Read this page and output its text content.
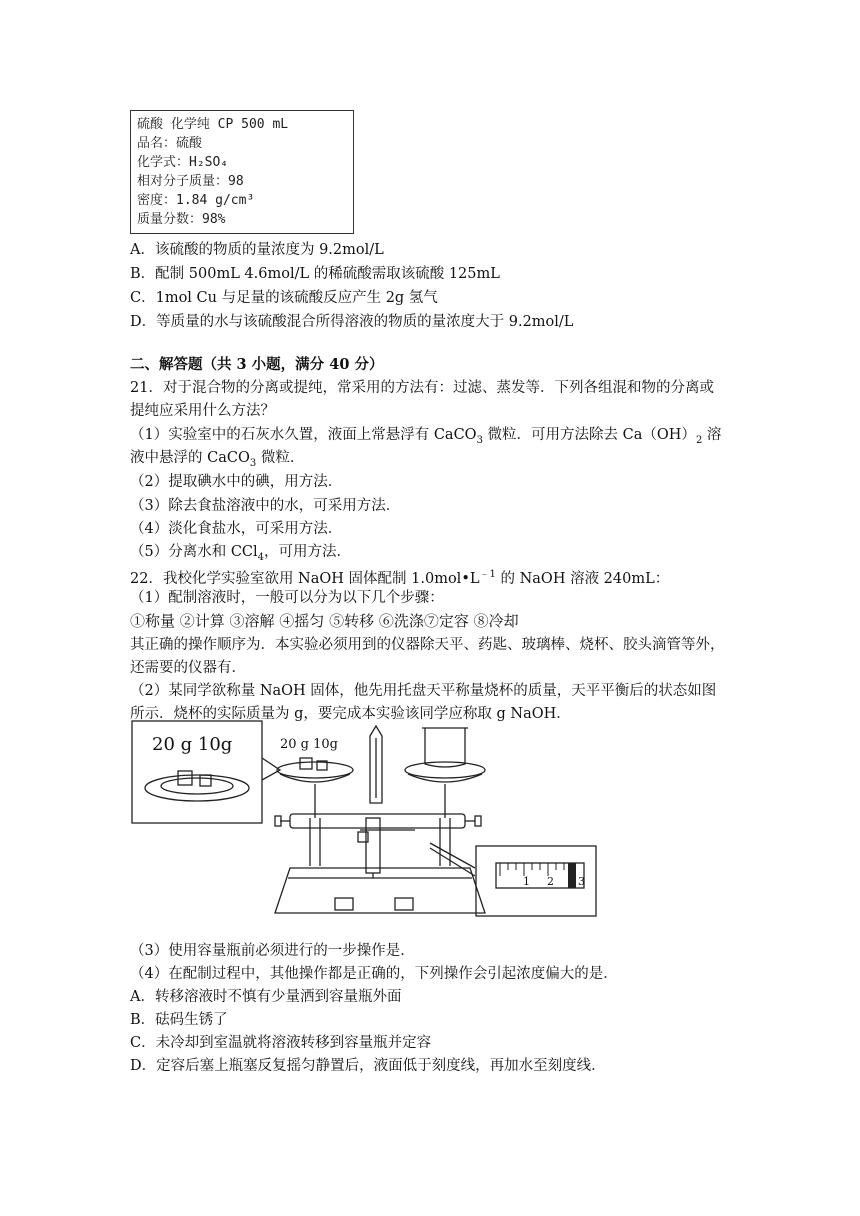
硫酸 化学纯 CP 500 mL
品名：硫酸
化学式：H₂SO₄
相对分子质量：98
密度：1.84 g/cm³
质量分数：98%
A．该硫酸的物质的量浓度为 9.2mol/L
B．配制 500mL 4.6mol/L 的稀硫酸需取该硫酸 125mL
C．1mol Cu 与足量的该硫酸反应产生 2g 氢气
D．等质量的水与该硫酸混合所得溶液的物质的量浓度大于 9.2mol/L
二、解答题（共 3 小题，满分 40 分）
21．对于混合物的分离或提纯，常采用的方法有：过滤、蒸发等．下列各组混和物的分离或
提纯应采用什么方法？
（1）实验室中的石灰水久置，液面上常悬浮有 CaCO$_3$ 微粒．可用方法除去 $Ca(OH)_2$ 溶
液中悬浮的 CaCO$_3$ 微粒．
（2）提取碘水中的碘，用方法．
（3）除去食盐溶液中的水，可采用方法．
（4）淡化食盐水，可采用方法．
（5）分离水和 CCl$_4$，可用方法．
22．我校化学实验室欲用 NaOH 固体配制 $1.0mol•L^{﹣1}$ 的 NaOH 溶液 240mL：
（1）配制溶液时，一般可以分为以下几个步骤：
①称量 ②计算 ③溶解 ④摇匀 ⑤转移 ⑥洗涤⑦定容 ⑧冷却
其正确的操作顺序为．本实验必须用到的仪器除天平、药匙、玻璃棒、烧杯、胶头滴管等外，
还需要的仪器有．
（2）某同学欲称量 NaOH 固体，他先用托盘天平称量烧杯的质量，天平平衡后的状态如图
所示．烧杯的实际质量为 g，要完成本实验该同学应称取 g NaOH．
20 g 10g	20 g 10g
1 2 3
（3）使用容量瓶前必须进行的一步操作是．
（4）在配制过程中，其他操作都是正确的，下列操作会引起浓度偏大的是．
A．转移溶液时不慎有少量洒到容量瓶外面
B．砝码生锈了
C．未冷却到室温就将溶液转移到容量瓶并定容
D．定容后塞上瓶塞反复摇匀静置后，液面低于刻度线，再加水至刻度线．
